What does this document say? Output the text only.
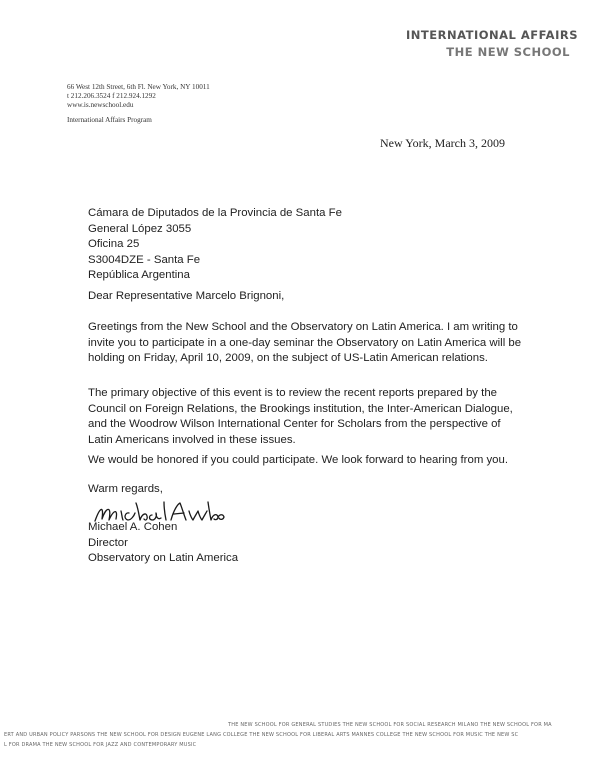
INTERNATIONAL AFFAIRS
THE NEW SCHOOL
66 West 12th Street, 6th Fl. New York, NY 10011
t 212.206.3524 f 212.924.1292
www.is.newschool.edu
International Affairs Program
New York, March 3, 2009
Cámara de Diputados de la Provincia de Santa Fe
General López 3055
Oficina 25
S3004DZE - Santa Fe
República Argentina
Dear Representative Marcelo Brignoni,

Greetings from the New School and the Observatory on Latin America. I am writing to invite you to participate in a one-day seminar the Observatory on Latin America will be holding on Friday, April 10, 2009, on the subject of US-Latin American relations.

The primary objective of this event is to review the recent reports prepared by the Council on Foreign Relations, the Brookings institution, the Inter-American Dialogue, and the Woodrow Wilson International Center for Scholars from the perspective of Latin Americans involved in these issues.

We would be honored if you could participate. We look forward to hearing from you.

Warm regards,
Michael A. Cohen
Director
Observatory on Latin America
THE NEW SCHOOL FOR GENERAL STUDIES THE NEW SCHOOL FOR SOCIAL RESEARCH MILANO THE NEW SCHOOL FOR MA
ERT AND URBAN POLICY PARSONS THE NEW SCHOOL FOR DESIGN EUGENE LANG COLLEGE THE NEW SCHOOL FOR LIBERAL ARTS MANNES COLLEGE THE NEW SCHOOL FOR MUSIC THE NEW SC
L FOR DRAMA THE NEW SCHOOL FOR JAZZ AND CONTEMPORARY MUSIC
